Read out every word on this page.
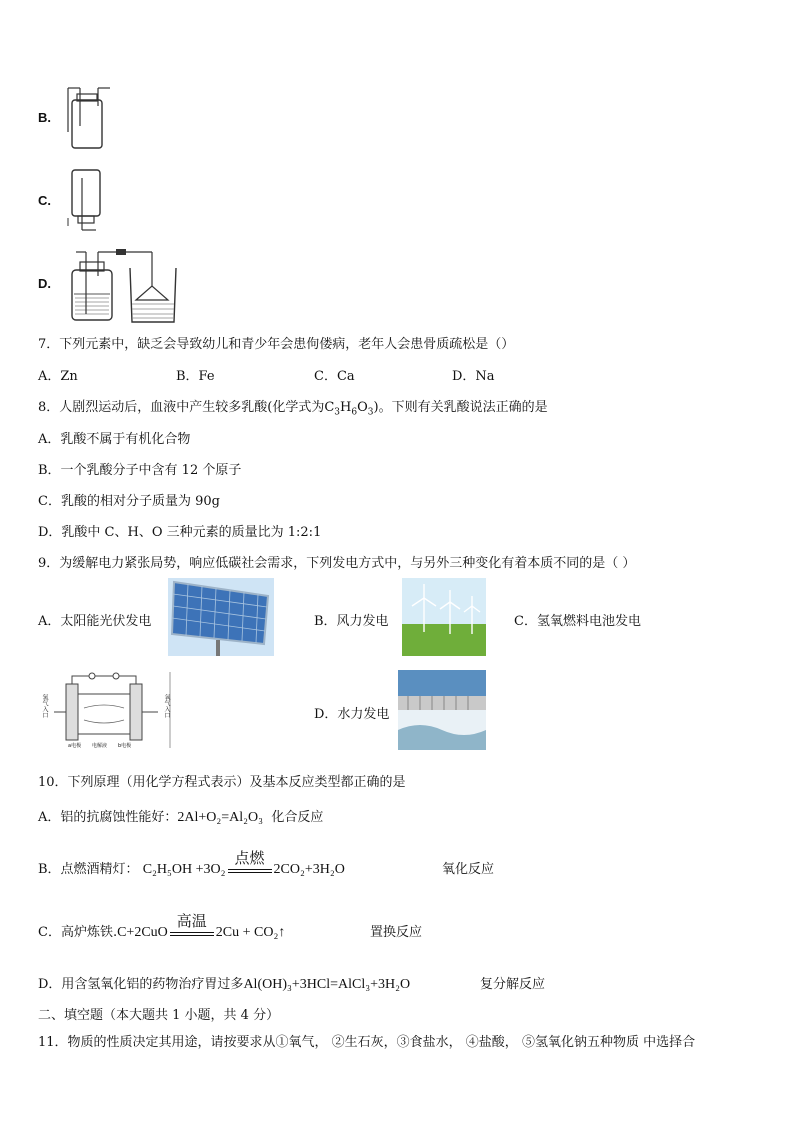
B.
C.
D.
7．下列元素中，缺乏会导致幼儿和青少年会患佝偻病，老年人会患骨质疏松是（）
A．Zn	B．Fe	C．Ca	D．Na
8．人剧烈运动后，血液中产生较多乳酸(化学式为$C_3H_6O_3$)。下则有关乳酸说法正确的是
A．乳酸不属于有机化合物
B．一个乳酸分子中含有 12 个原子
C．乳酸的相对分子质量为 90g
D．乳酸中 C、H、O 三种元素的质量比为 1:2:1
9．为缓解电力紧张局势，响应低碳社会需求，下列发电方式中，与另外三种变化有着本质不同的是（ ）
A．太阳能光伏发电	B．风力发电	C．氢氧燃料电池发电
氢气入口	氧气入口
a电极 电解液 b电极
D．水力发电
10．下列原理（用化学方程式表示）及基本反应类型都正确的是
A．铝的抗腐蚀性能好：2Al+O₂=Al₂O₃ 化合反应
B．点燃酒精灯： C₂H₅OH +3O₂
点燃
2CO₂+3H₂O	氧化反应
C．高炉炼铁.C+2CuO
高温
2Cu + CO₂↑	置换反应
D．用含氢氧化铝的药物治疗胃过多Al(OH)₃+3HCl=AlCl₃+3H₂O	复分解反应
二、填空题（本大题共 1 小题，共 4 分）
11．物质的性质决定其用途，请按要求从①氧气， ②生石灰，③食盐水， ④盐酸， ⑤氢氧化钠五种物质 中选择合
